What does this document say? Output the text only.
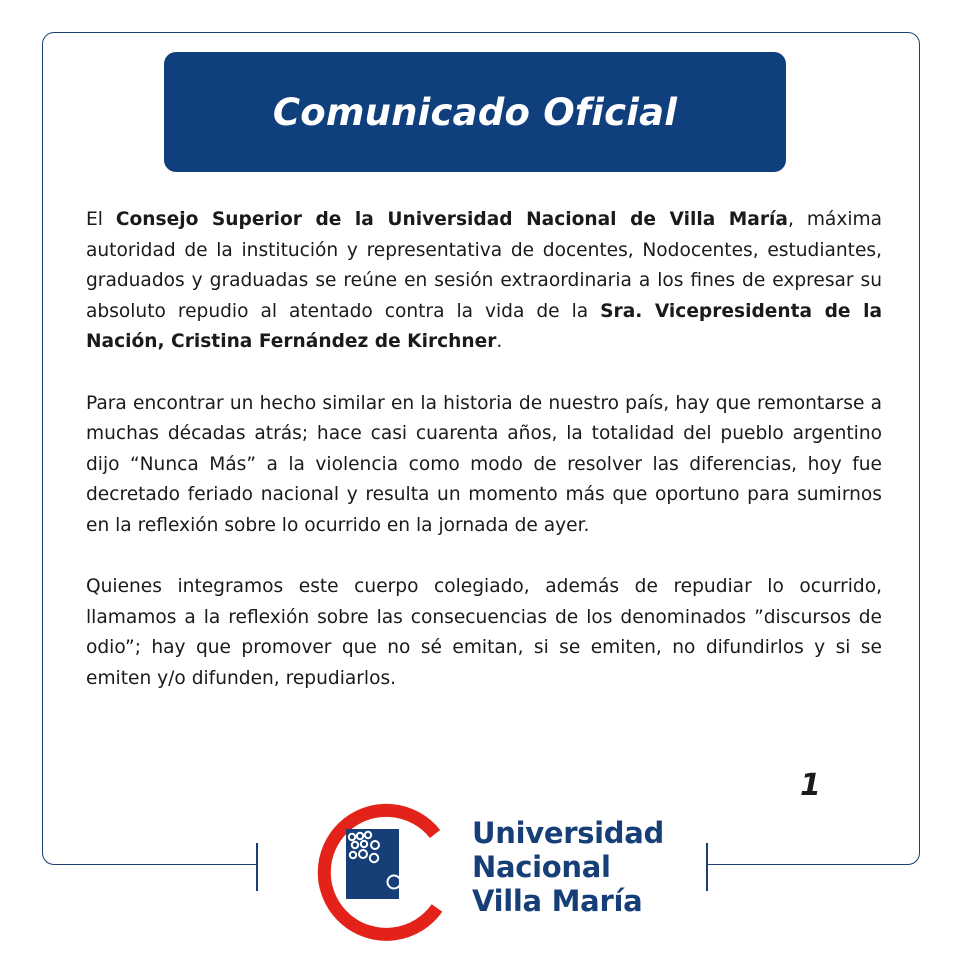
Comunicado Oficial

El Consejo Superior de la Universidad Nacional de Villa María, máxima autoridad de la institución y representativa de docentes, Nodocentes, estudiantes, graduados y graduadas se reúne en sesión extraordinaria a los fines de expresar su absoluto repudio al atentado contra la vida de la Sra. Vicepresidenta de la Nación, Cristina Fernández de Kirchner.

Para encontrar un hecho similar en la historia de nuestro país, hay que remontarse a muchas décadas atrás; hace casi cuarenta años, la totalidad del pueblo argentino dijo “Nunca Más” a la violencia como modo de resolver las diferencias, hoy fue decretado feriado nacional y resulta un momento más que oportuno para sumirnos en la reflexión sobre lo ocurrido en la jornada de ayer.

Quienes integramos este cuerpo colegiado, además de repudiar lo ocurrido, llamamos a la reflexión sobre las consecuencias de los denominados ”discursos de odio”; hay que promover que no sé emitan, si se emiten, no difundirlos y si se emiten y/o difunden, repudiarlos.

1
Universidad
Nacional
Villa María
